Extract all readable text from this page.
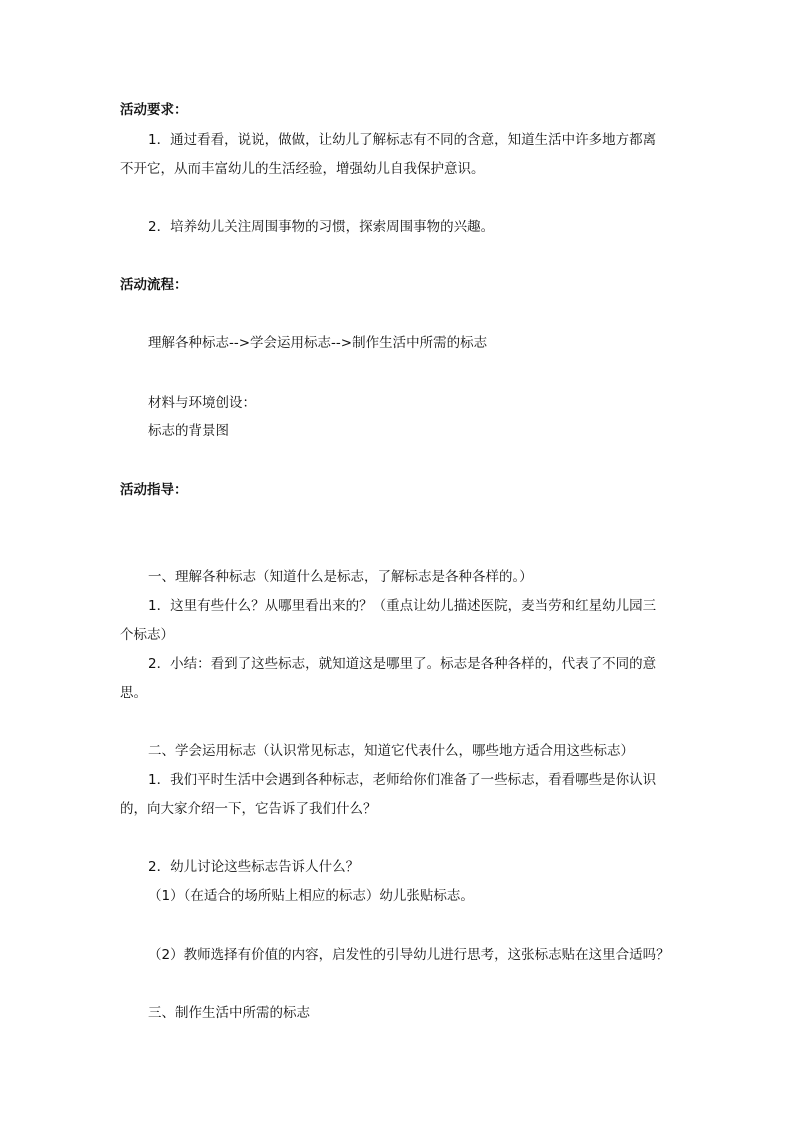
活动要求：
1．通过看看，说说，做做，让幼儿了解标志有不同的含意，知道生活中许多地方都离
不开它，从而丰富幼儿的生活经验，增强幼儿自我保护意识。
2．培养幼儿关注周围事物的习惯，探索周围事物的兴趣。
活动流程：
理解各种标志-->学会运用标志-->制作生活中所需的标志
材料与环境创设：
标志的背景图
活动指导：
一、理解各种标志（知道什么是标志，了解标志是各种各样的。）
1．这里有些什么？从哪里看出来的？（重点让幼儿描述医院，麦当劳和红星幼儿园三
个标志）
2．小结：看到了这些标志，就知道这是哪里了。标志是各种各样的，代表了不同的意
思。
二、学会运用标志（认识常见标志，知道它代表什么，哪些地方适合用这些标志）
1．我们平时生活中会遇到各种标志，老师给你们准备了一些标志，看看哪些是你认识
的，向大家介绍一下，它告诉了我们什么？
2．幼儿讨论这些标志告诉人什么？
（1）（在适合的场所贴上相应的标志）幼儿张贴标志。
（2）教师选择有价值的内容，启发性的引导幼儿进行思考，这张标志贴在这里合适吗？
三、制作生活中所需的标志
